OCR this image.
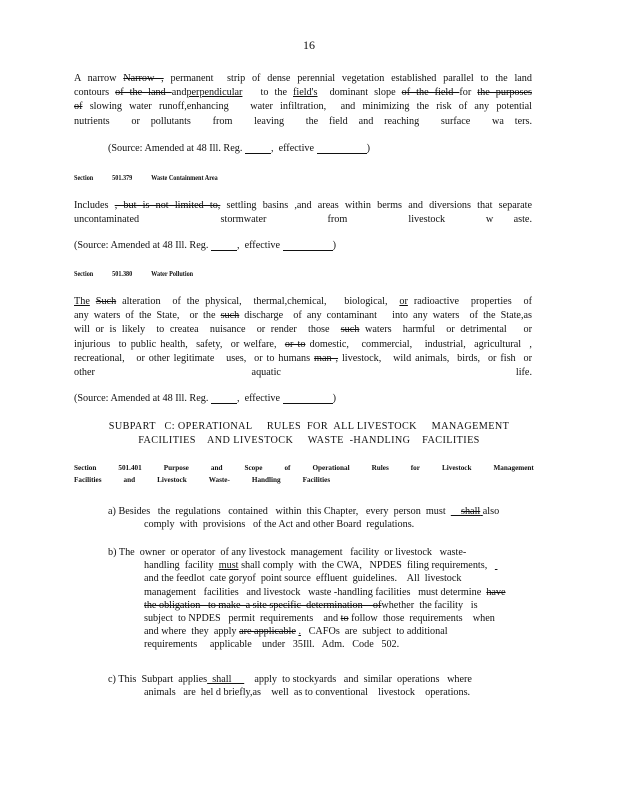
16
A narrow Narrow , permanent  strip of dense perennial vegetation established parallel to the land
contours of the land andperpendicular   to the field's  dominant slope of the field for the purposes
of slowing water runoff,enhancing   water infiltration,  and minimizing the risk of any potential
nutrients  or pollutants  from  leaving  the field and reaching  surface  wa ters.
(Source: Amended at 48 Ill. Reg.	,  effective	)
Section	501.379	Waste Containment Area
Includes , but is not limited to, settling basins ,and areas within berms and diversions that separate
uncontaminated    stormwater   from   livestock  w aste.
(Source: Amended at 48 Ill. Reg.	,  effective	)
Section	501.380	Water Pollution
The Such alteration  of the physical,  thermal,chemical,   biological,  or radioactive  properties  of
any waters of the State,  or the such discharge  of any contaminant   into any waters  of the State,as
will or is likely  to createa  nuisance  or render  those  such waters  harmful  or detrimental   or
injurious  to public health,  safety,  or welfare,  or to domestic,   commercial,   industrial,  agricultural  ,
recreational,   or other legitimate   uses,  or to humans man , livestock,   wild animals,  birds,  or fish  or
other  aquatic   life.
(Source: Amended at 48 Ill. Reg.	,  effective	)
SUBPART   C: OPERATIONAL     RULES  FOR  ALL LIVESTOCK     MANAGEMENT
FACILITIES    AND LIVESTOCK     WASTE  -HANDLING    FACILITIES
Section	501.401	Purpose	and	Scope	of	Operational	Rules	for	Livestock	Management
Facilities	and	Livestock	Waste-	Handling	Facilities
a) Besides   the  regulations   contained   within  this Chapter,   every  person  must      shall also
comply  with  provisions   of the Act and other Board  regulations.
b) The  owner  or operator  of any livestock  management   facility  or livestock   waste-
handling  facility  must shall comply  with  the CWA,   NPDES  filing requirements,
and the feedlot  cate goryof  point source  effluent  guidelines.    All  livestock
management   facilities   and livestock   waste -handling facilities   must determine  have
the obligation   to make  a site specific  determination    ofwhether  the facility   is
subject  to NPDES   permit  requirements    and to follow  those  requirements    when
and where  they  apply are applicable .   CAFOs  are  subject  to additional
requirements     applicable    under   35Ill.   Adm.   Code   502.
c) This  Subpart  applies  shall         apply  to stockyards   and  similar  operations   where
animals   are  hel d briefly,as    well  as to conventional    livestock    operations.
